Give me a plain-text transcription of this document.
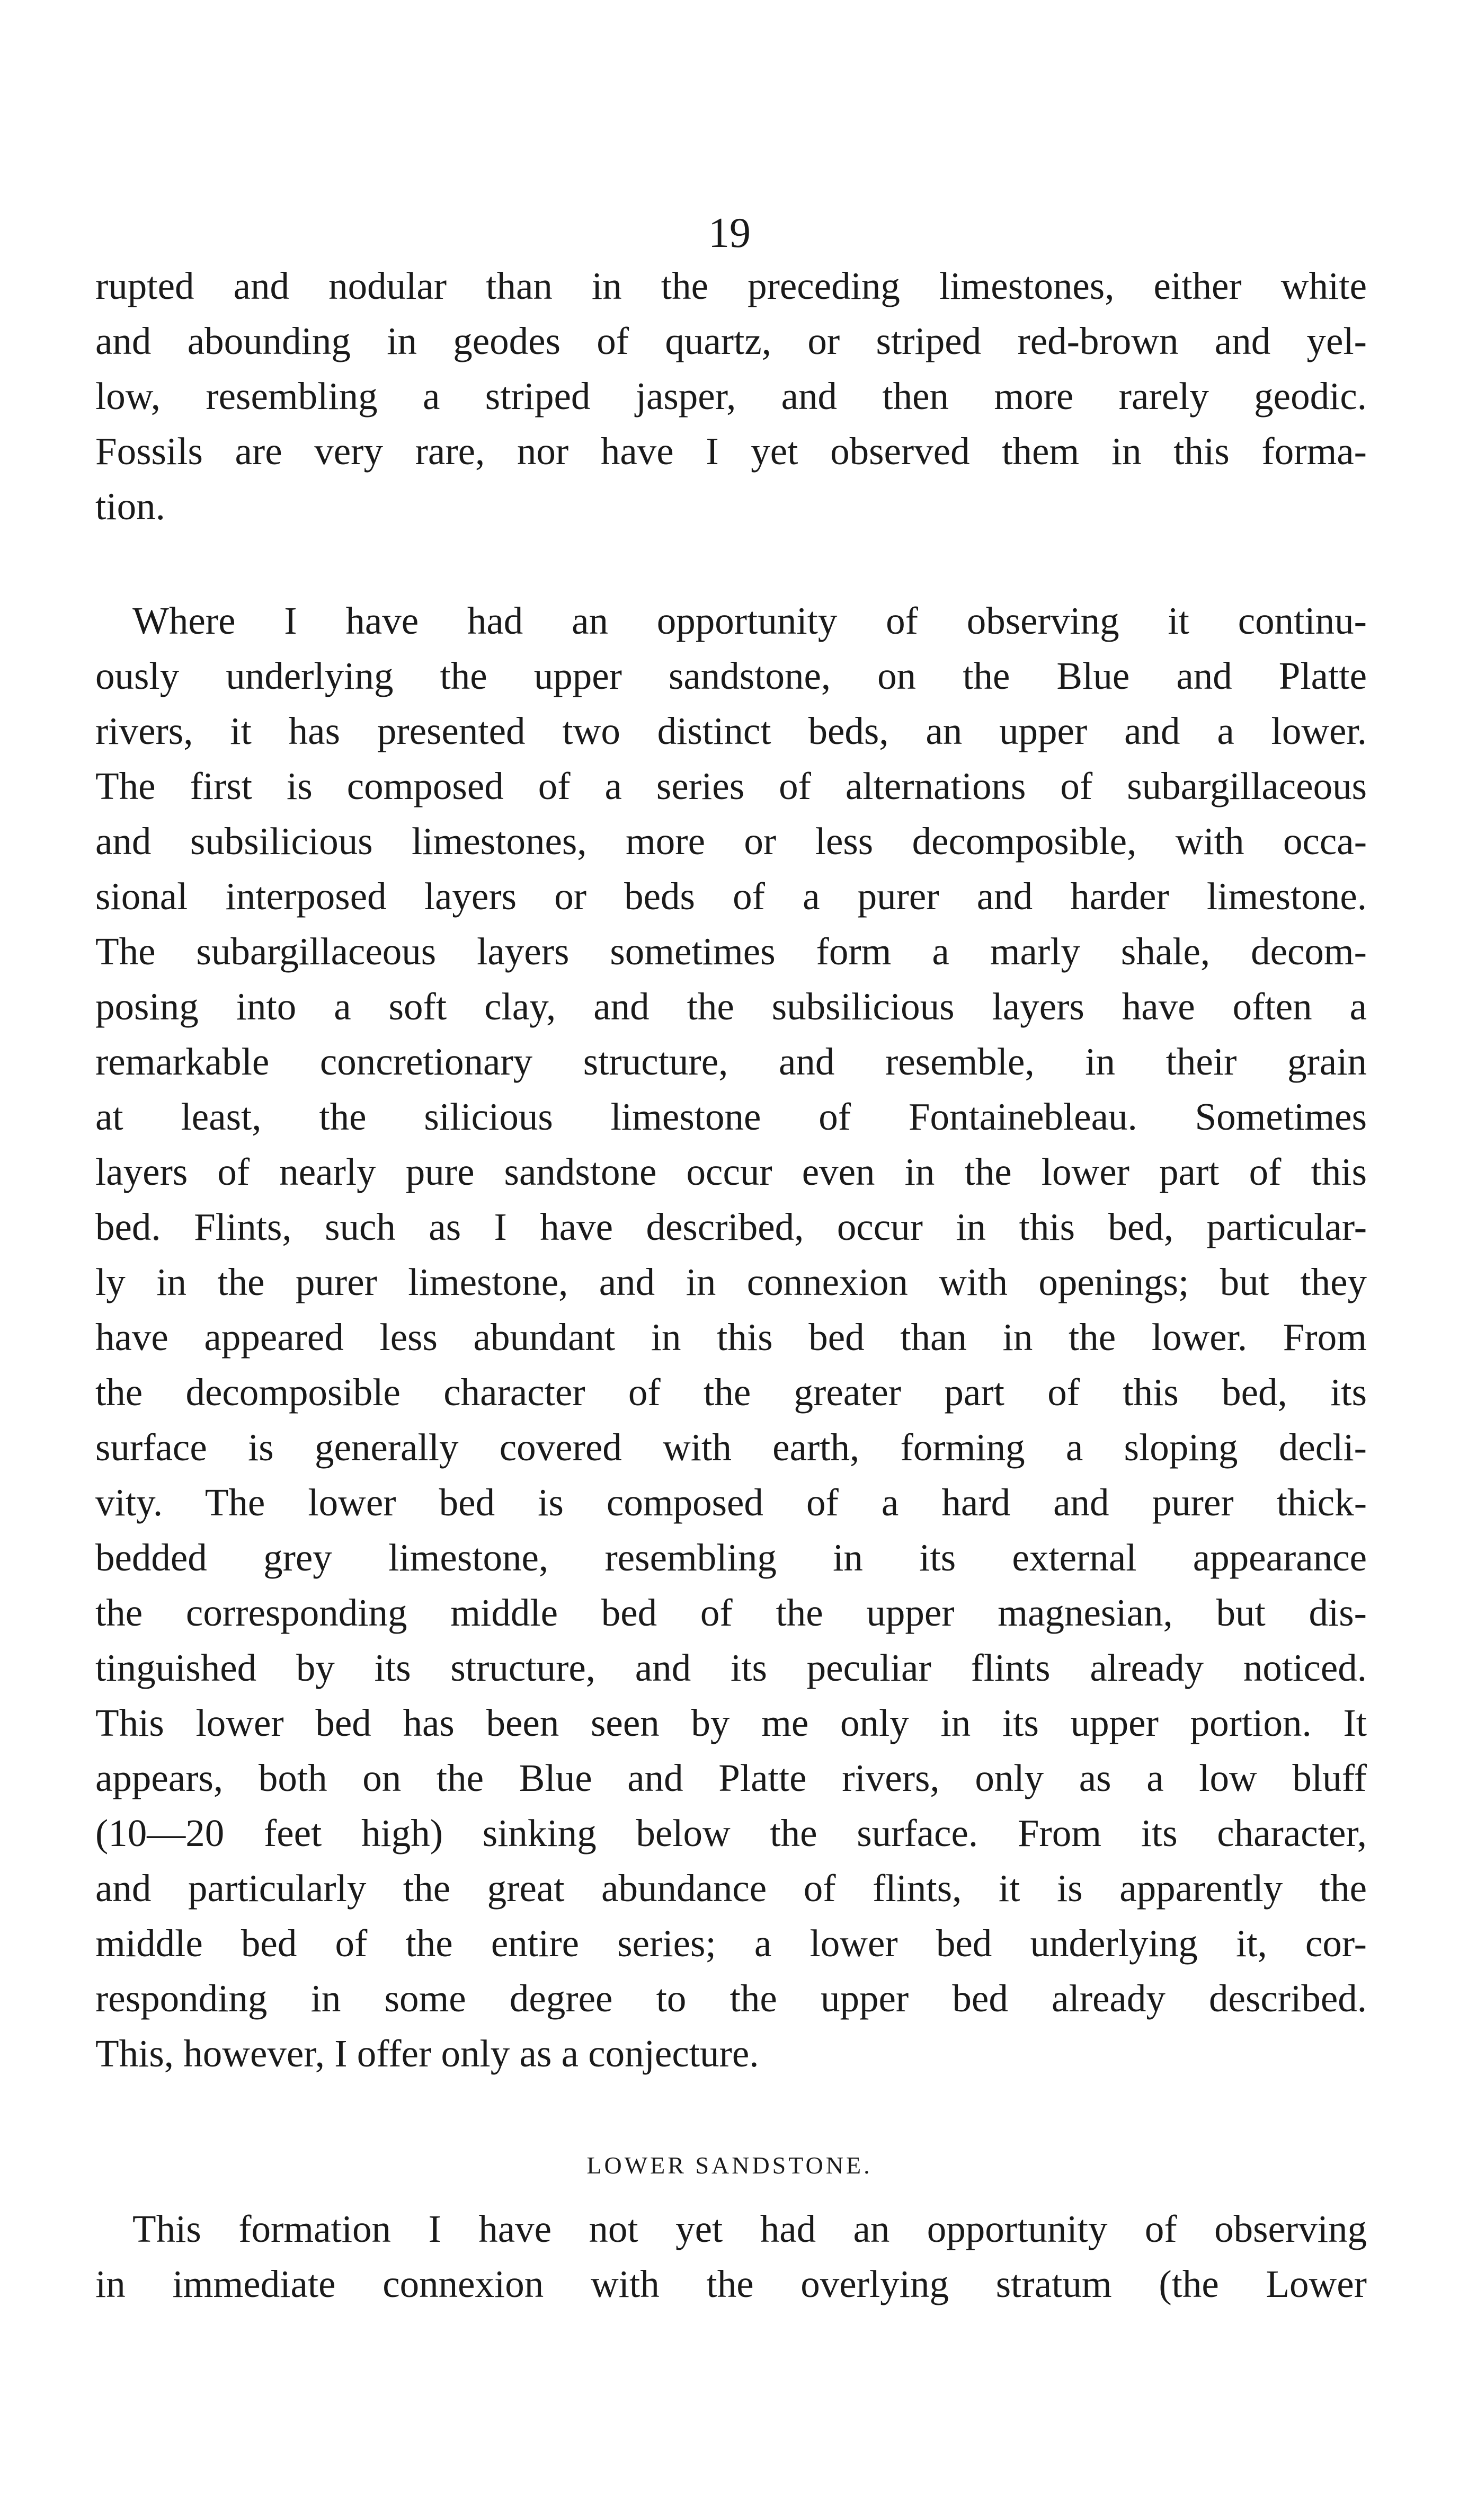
19
rupted and nodular than in the preceding limestones, either white
and abounding in geodes of quartz, or striped red-brown and yel-
low, resembling a striped jasper, and then more rarely geodic.
Fossils are very rare, nor have I yet observed them in this forma-
tion.
Where I have had an opportunity of observing it continu-
ously underlying the upper sandstone, on the Blue and Platte
rivers, it has presented two distinct beds, an upper and a lower.
The first is composed of a series of alternations of subargillaceous
and subsilicious limestones, more or less decomposible, with occa-
sional interposed layers or beds of a purer and harder limestone.
The subargillaceous layers sometimes form a marly shale, decom-
posing into a soft clay, and the subsilicious layers have often a
remarkable concretionary structure, and resemble, in their grain
at least, the silicious limestone of Fontainebleau. Sometimes
layers of nearly pure sandstone occur even in the lower part of this
bed. Flints, such as I have described, occur in this bed, particular-
ly in the purer limestone, and in connexion with openings; but they
have appeared less abundant in this bed than in the lower. From
the decomposible character of the greater part of this bed, its
surface is generally covered with earth, forming a sloping decli-
vity. The lower bed is composed of a hard and purer thick-
bedded grey limestone, resembling in its external appearance
the corresponding middle bed of the upper magnesian, but dis-
tinguished by its structure, and its peculiar flints already noticed.
This lower bed has been seen by me only in its upper portion. It
appears, both on the Blue and Platte rivers, only as a low bluff
(10—20 feet high) sinking below the surface. From its character,
and particularly the great abundance of flints, it is apparently the
middle bed of the entire series; a lower bed underlying it, cor-
responding in some degree to the upper bed already described.
This, however, I offer only as a conjecture.
LOWER SANDSTONE.
This formation I have not yet had an opportunity of observing
in immediate connexion with the overlying stratum (the Lower
